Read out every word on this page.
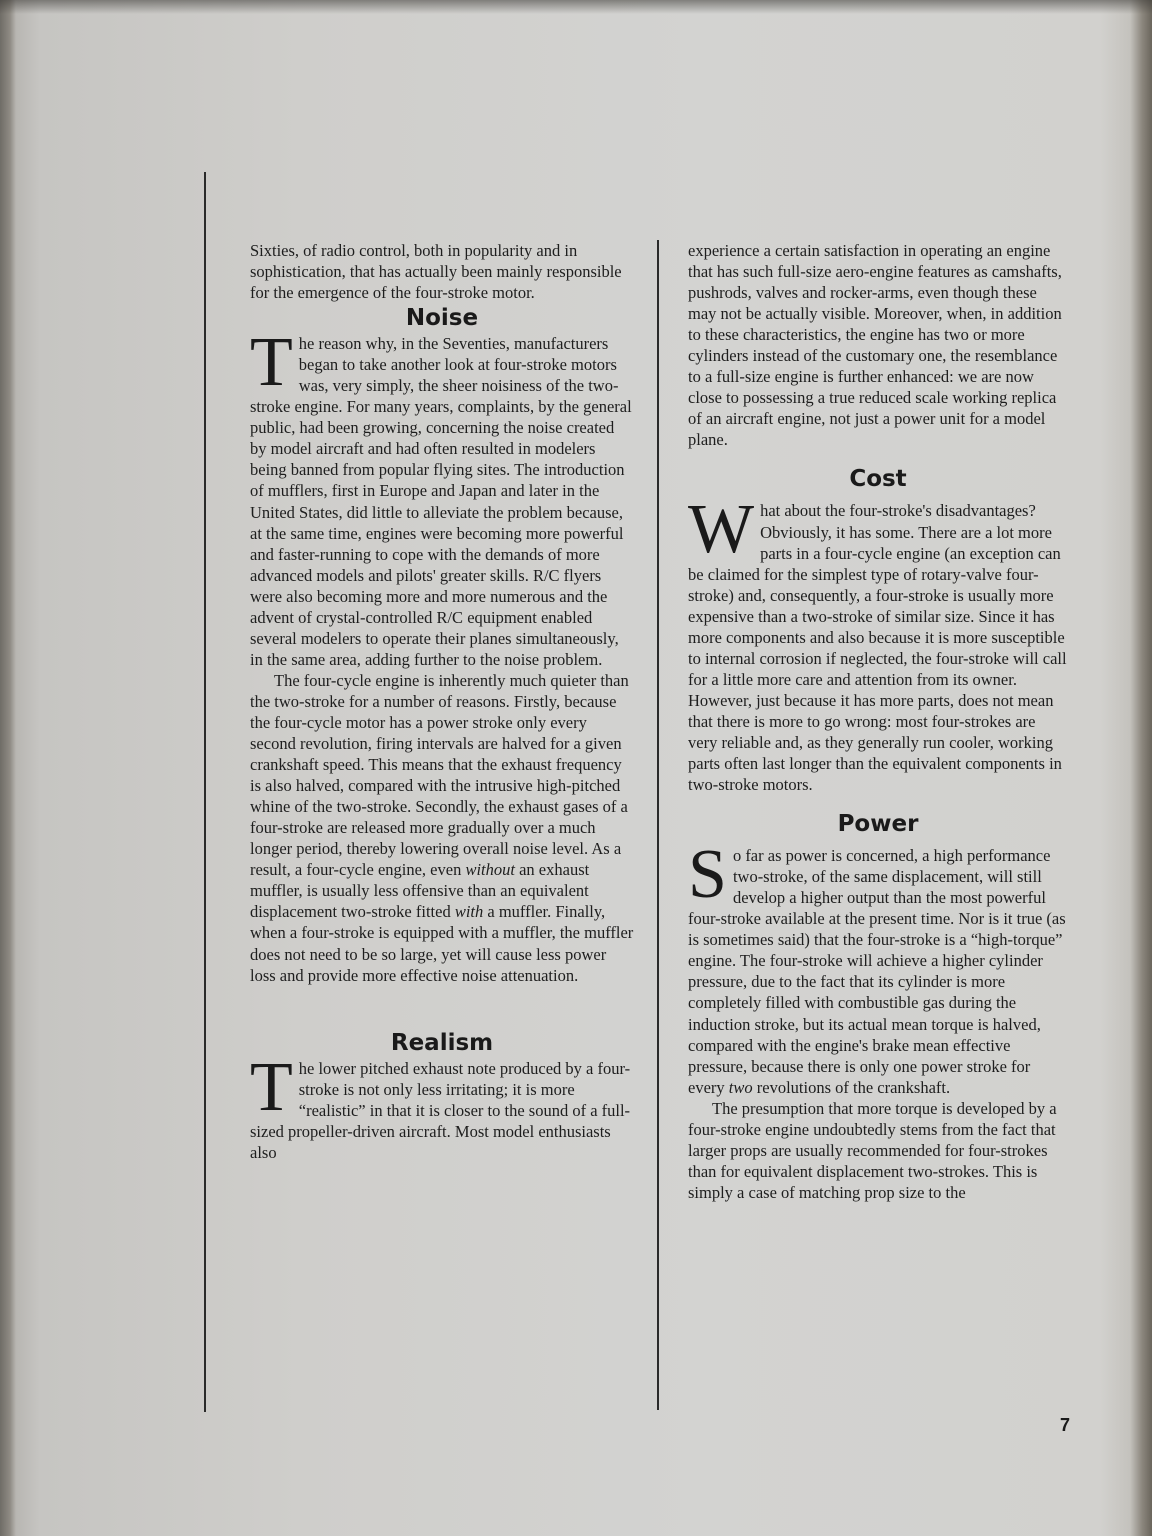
Sixties, of radio control, both in popularity and in sophistication, that has actually been mainly responsible for the emergence of the four-stroke motor.

Noise

The reason why, in the Seventies, manufacturers began to take another look at four-stroke motors was, very simply, the sheer noisiness of the two-stroke engine. For many years, complaints, by the general public, had been growing, concerning the noise created by model aircraft and had often resulted in modelers being banned from popular flying sites. The introduction of mufflers, first in Europe and Japan and later in the United States, did little to alleviate the problem because, at the same time, engines were becoming more powerful and faster-running to cope with the demands of more advanced models and pilots' greater skills. R/C flyers were also becoming more and more numerous and the advent of crystal-controlled R/C equipment enabled several modelers to operate their planes simultaneously, in the same area, adding further to the noise problem.

The four-cycle engine is inherently much quieter than the two-stroke for a number of reasons. Firstly, because the four-cycle motor has a power stroke only every second revolution, firing intervals are halved for a given crankshaft speed. This means that the exhaust frequency is also halved, compared with the intrusive high-pitched whine of the two-stroke. Secondly, the exhaust gases of a four-stroke are released more gradually over a much longer period, thereby lowering overall noise level. As a result, a four-cycle engine, even without an exhaust muffler, is usually less offensive than an equivalent displacement two-stroke fitted with a muffler. Finally, when a four-stroke is equipped with a muffler, the muffler does not need to be so large, yet will cause less power loss and provide more effective noise attenuation.

Realism

The lower pitched exhaust note produced by a four-stroke is not only less irritating; it is more “realistic” in that it is closer to the sound of a full-sized propeller-driven aircraft. Most model enthusiasts also

experience a certain satisfaction in operating an engine that has such full-size aero-engine features as camshafts, pushrods, valves and rocker-arms, even though these may not be actually visible. Moreover, when, in addition to these characteristics, the engine has two or more cylinders instead of the customary one, the resemblance to a full-size engine is further enhanced: we are now close to possessing a true reduced scale working replica of an aircraft engine, not just a power unit for a model plane.

Cost

What about the four-stroke's disadvantages? Obviously, it has some. There are a lot more parts in a four-cycle engine (an exception can be claimed for the simplest type of rotary-valve four-stroke) and, consequently, a four-stroke is usually more expensive than a two-stroke of similar size. Since it has more components and also because it is more susceptible to internal corrosion if neglected, the four-stroke will call for a little more care and attention from its owner. However, just because it has more parts, does not mean that there is more to go wrong: most four-strokes are very reliable and, as they generally run cooler, working parts often last longer than the equivalent components in two-stroke motors.

Power

So far as power is concerned, a high performance two-stroke, of the same displacement, will still develop a higher output than the most powerful four-stroke available at the present time. Nor is it true (as is sometimes said) that the four-stroke is a “high-torque” engine. The four-stroke will achieve a higher cylinder pressure, due to the fact that its cylinder is more completely filled with combustible gas during the induction stroke, but its actual mean torque is halved, compared with the engine's brake mean effective pressure, because there is only one power stroke for every two revolutions of the crankshaft.

The presumption that more torque is developed by a four-stroke engine undoubtedly stems from the fact that larger props are usually recommended for four-strokes than for equivalent displacement two-strokes. This is simply a case of matching prop size to the

7
